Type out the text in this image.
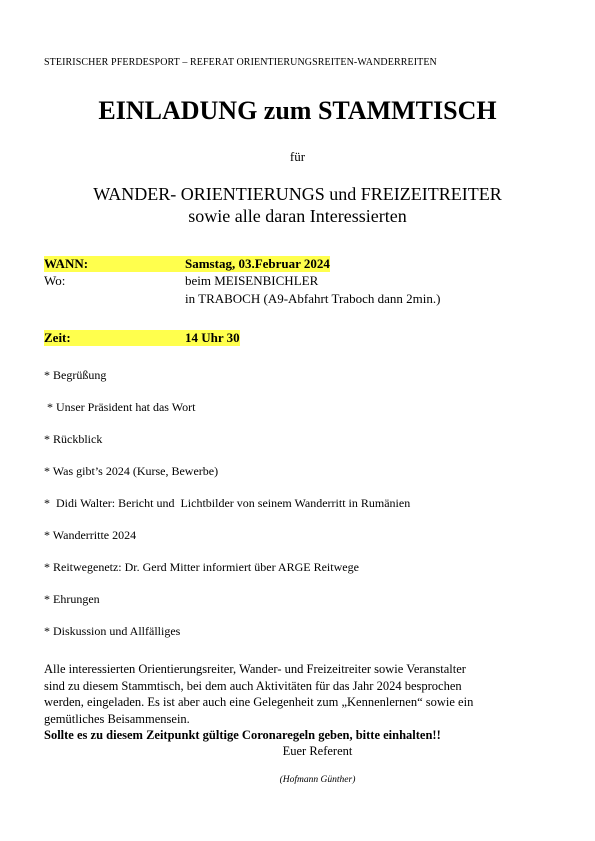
STEIRISCHER PFERDESPORT – REFERAT ORIENTIERUNGSREITEN-WANDERREITEN
EINLADUNG zum STAMMTISCH
für
WANDER- ORIENTIERUNGS und FREIZEITREITER
sowie alle daran Interessierten
WANN:	Samstag, 03.Februar 2024
Wo:	beim MEISENBICHLER
in TRABOCH (A9-Abfahrt Traboch dann 2min.)
Zeit:	14 Uhr 30
* Begrüßung
* Unser Präsident hat das Wort
* Rückblick
* Was gibt’s 2024 (Kurse, Bewerbe)
*  Didi Walter: Bericht und  Lichtbilder von seinem Wanderritt in Rumänien
* Wanderritte 2024
* Reitwegenetz: Dr. Gerd Mitter informiert über ARGE Reitwege
* Ehrungen
* Diskussion und Allfälliges
Alle interessierten Orientierungsreiter, Wander- und Freizeitreiter sowie Veranstalter
sind zu diesem Stammtisch, bei dem auch Aktivitäten für das Jahr 2024 besprochen
werden, eingeladen. Es ist aber auch eine Gelegenheit zum „Kennenlernen“ sowie ein
gemütliches Beisammensein.
Sollte es zu diesem Zeitpunkt gültige Coronaregeln geben, bitte einhalten!!
Euer Referent
(Hofmann Günther)
